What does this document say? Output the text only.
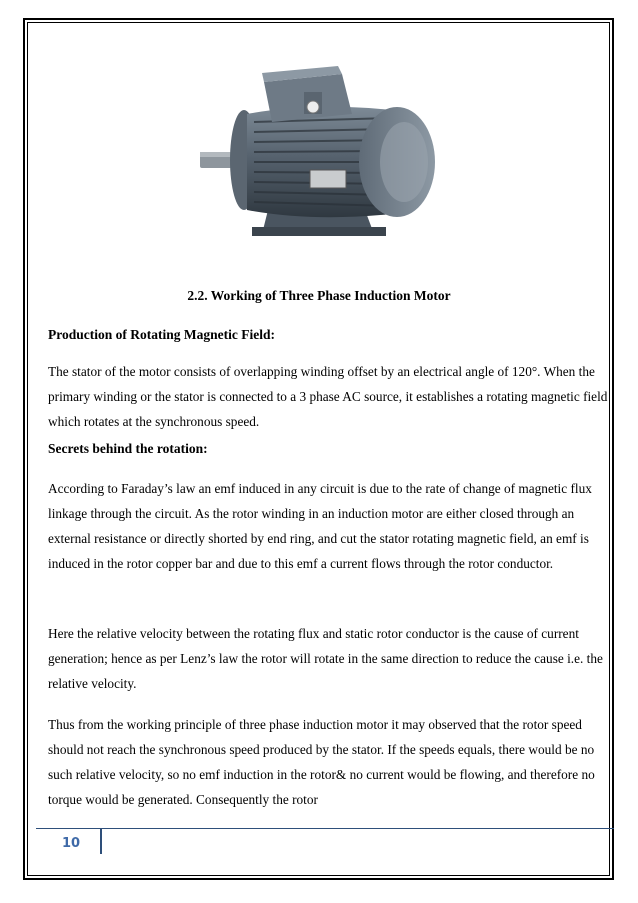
2.2. Working of Three Phase Induction Motor
Production of Rotating Magnetic Field:

The stator of the motor consists of overlapping winding offset by an electrical angle of 120°. When the primary winding or the stator is connected to a 3 phase AC source, it establishes a rotating magnetic field which rotates at the synchronous speed.

Secrets behind the rotation:

According to Faraday’s law an emf induced in any circuit is due to the rate of change of magnetic flux linkage through the circuit. As the rotor winding in an induction motor are either closed through an external resistance or directly shorted by end ring, and cut the stator rotating magnetic field, an emf is induced in the rotor copper bar and due to this emf a current flows through the rotor conductor.

Here the relative velocity between the rotating flux and static rotor conductor is the cause of current generation; hence as per Lenz’s law the rotor will rotate in the same direction to reduce the cause i.e. the relative velocity.

Thus from the working principle of three phase induction motor it may observed that the rotor speed should not reach the synchronous speed produced by the stator. If the speeds equals, there would be no such relative velocity, so no emf induction in the rotor& no current would be flowing, and therefore no torque would be generated. Consequently the rotor

10
